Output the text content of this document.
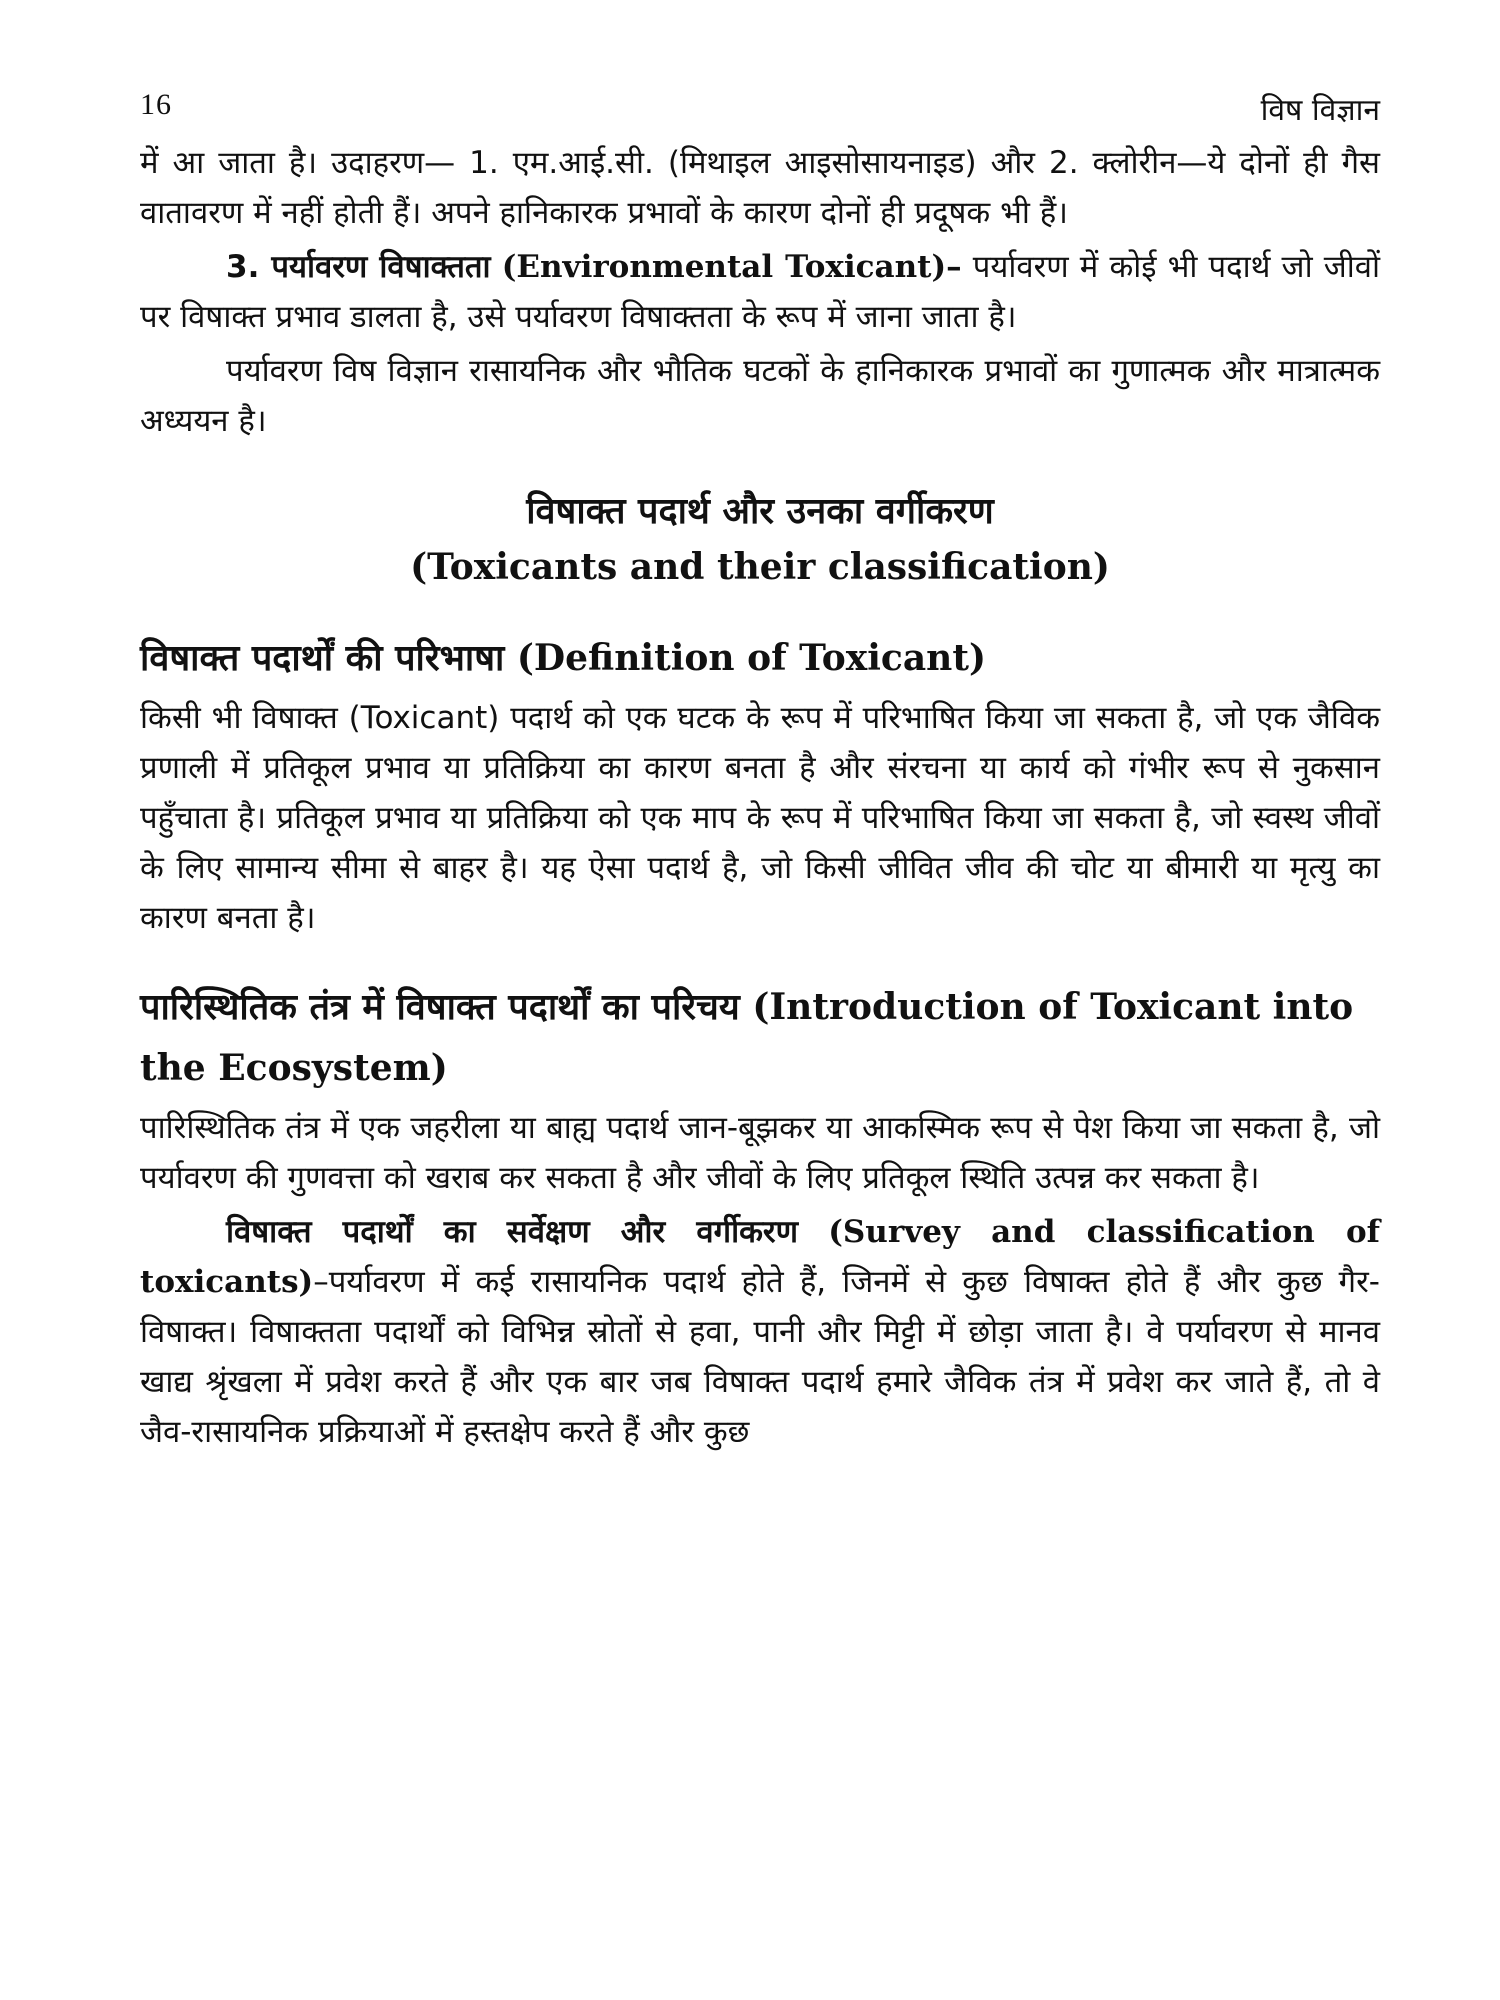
16	विष विज्ञान

में आ जाता है। उदाहरण— 1. एम.आई.सी. (मिथाइल आइसोसायनाइड) और 2. क्लोरीन—ये दोनों ही गैस वातावरण में नहीं होती हैं। अपने हानिकारक प्रभावों के कारण दोनों ही प्रदूषक भी हैं।

3. पर्यावरण विषाक्तता (Environmental Toxicant)– पर्यावरण में कोई भी पदार्थ जो जीवों पर विषाक्त प्रभाव डालता है, उसे पर्यावरण विषाक्तता के रूप में जाना जाता है।

पर्यावरण विष विज्ञान रासायनिक और भौतिक घटकों के हानिकारक प्रभावों का गुणात्मक और मात्रात्मक अध्ययन है।

विषाक्त पदार्थ और उनका वर्गीकरण
(Toxicants and their classification)
विषाक्त पदार्थों की परिभाषा (Definition of Toxicant)

किसी भी विषाक्त (Toxicant) पदार्थ को एक घटक के रूप में परिभाषित किया जा सकता है, जो एक जैविक प्रणाली में प्रतिकूल प्रभाव या प्रतिक्रिया का कारण बनता है और संरचना या कार्य को गंभीर रूप से नुकसान पहुँचाता है। प्रतिकूल प्रभाव या प्रतिक्रिया को एक माप के रूप में परिभाषित किया जा सकता है, जो स्वस्थ जीवों के लिए सामान्य सीमा से बाहर है। यह ऐसा पदार्थ है, जो किसी जीवित जीव की चोट या बीमारी या मृत्यु का कारण बनता है।

पारिस्थितिक तंत्र में विषाक्त पदार्थों का परिचय (Introduction of Toxicant into the Ecosystem)

पारिस्थितिक तंत्र में एक जहरीला या बाह्य पदार्थ जान-बूझकर या आकस्मिक रूप से पेश किया जा सकता है, जो पर्यावरण की गुणवत्ता को खराब कर सकता है और जीवों के लिए प्रतिकूल स्थिति उत्पन्न कर सकता है।

विषाक्त पदार्थों का सर्वेक्षण और वर्गीकरण (Survey and classification of toxicants)–पर्यावरण में कई रासायनिक पदार्थ होते हैं, जिनमें से कुछ विषाक्त होते हैं और कुछ गैर-विषाक्त। विषाक्तता पदार्थों को विभिन्न स्रोतों से हवा, पानी और मिट्टी में छोड़ा जाता है। वे पर्यावरण से मानव खाद्य श्रृंखला में प्रवेश करते हैं और एक बार जब विषाक्त पदार्थ हमारे जैविक तंत्र में प्रवेश कर जाते हैं, तो वे जैव-रासायनिक प्रक्रियाओं में हस्तक्षेप करते हैं और कुछ
